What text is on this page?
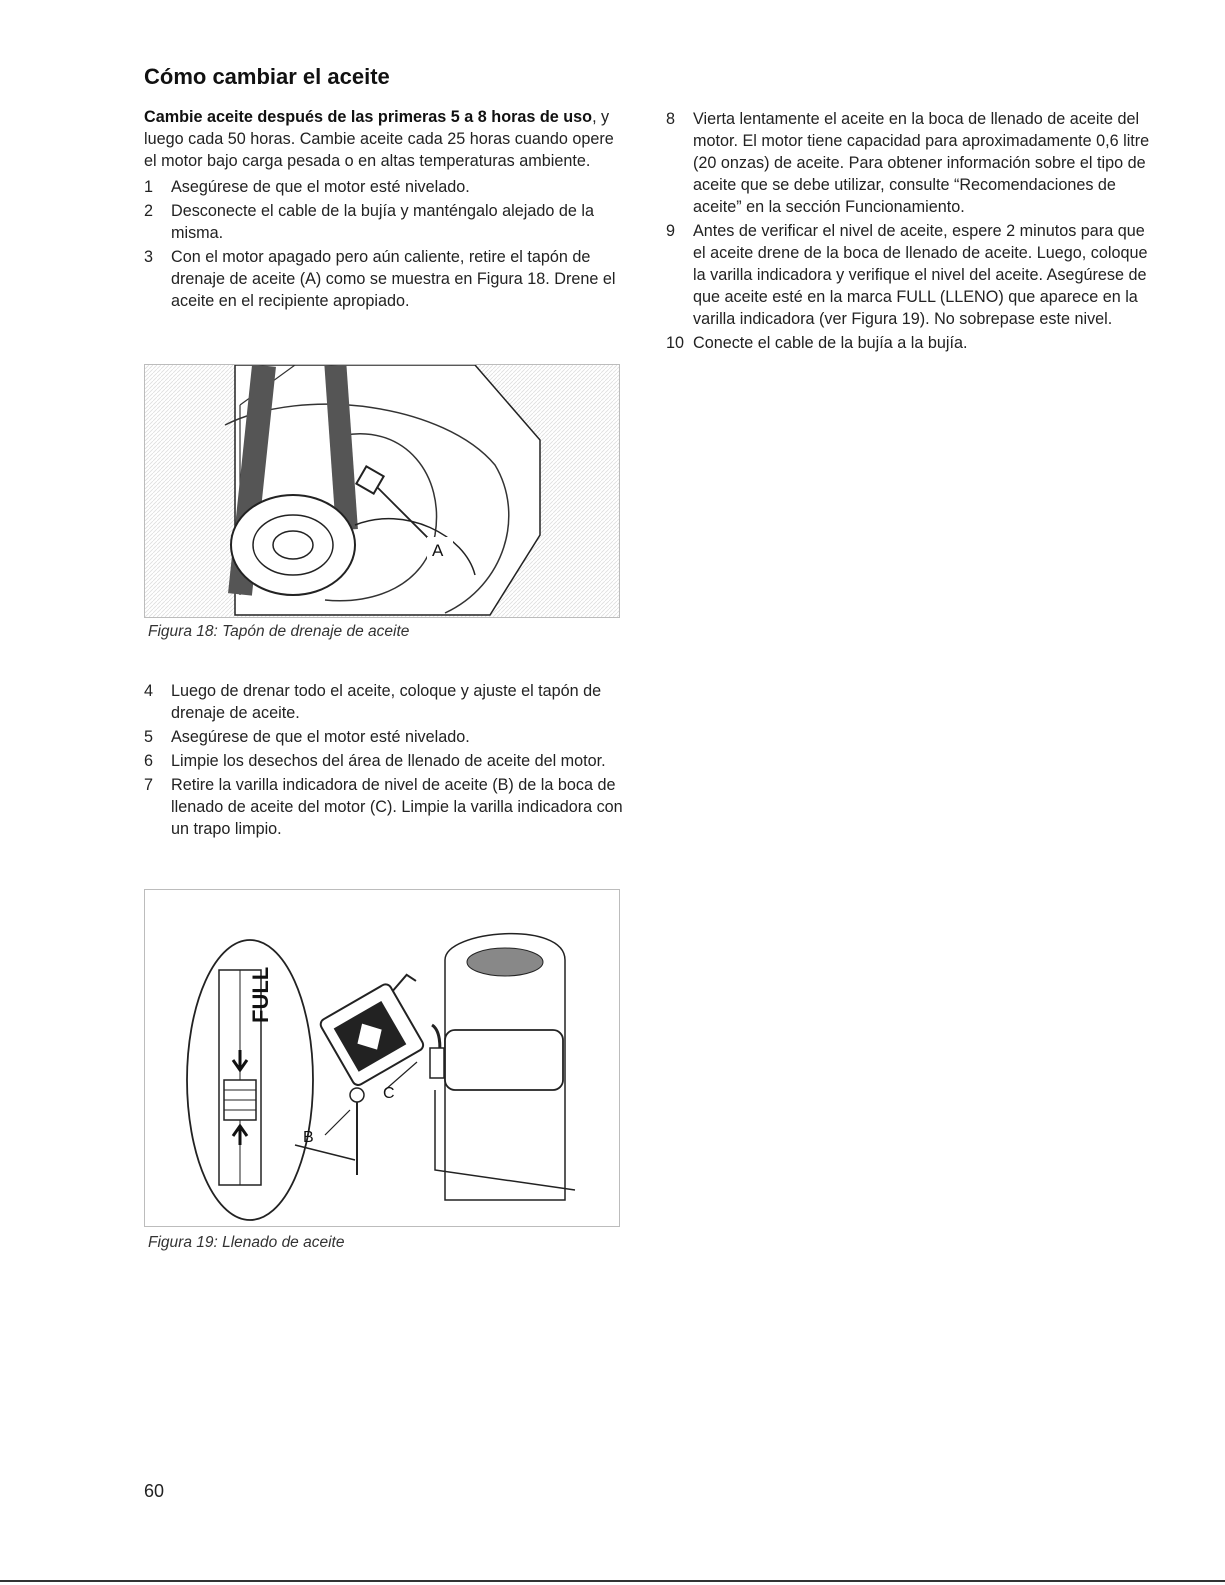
Cómo cambiar el aceite

Cambie aceite después de las primeras 5 a 8 horas de uso, y luego cada 50 horas. Cambie aceite cada 25 horas cuando opere el motor bajo carga pesada o en altas temperaturas ambiente.

1 Asegúrese de que el motor esté nivelado.
2 Desconecte el cable de la bujía y manténgalo alejado de la misma.
3 Con el motor apagado pero aún caliente, retire el tapón de drenaje de aceite (A) como se muestra en Figura 18. Drene el aceite en el recipiente apropiado.
A

Figura 18: Tapón de drenaje de aceite

4 Luego de drenar todo el aceite, coloque y ajuste el tapón de drenaje de aceite.
5 Asegúrese de que el motor esté nivelado.
6 Limpie los desechos del área de llenado de aceite del motor.
7 Retire la varilla indicadora de nivel de aceite (B) de la boca de llenado de aceite del motor (C). Limpie la varilla indicadora con un trapo limpio.
FULL
C
B

Figura 19: Llenado de aceite

8 Vierta lentamente el aceite en la boca de llenado de aceite del motor. El motor tiene capacidad para aproximadamente 0,6 litre (20 onzas) de aceite. Para obtener información sobre el tipo de aceite que se debe utilizar, consulte “Recomendaciones de aceite” en la sección Funcionamiento.
9 Antes de verificar el nivel de aceite, espere 2 minutos para que el aceite drene de la boca de llenado de aceite. Luego, coloque la varilla indicadora y verifique el nivel del aceite. Asegúrese de que aceite esté en la marca FULL (LLENO) que aparece en la varilla indicadora (ver Figura 19). No sobrepase este nivel.
10 Conecte el cable de la bujía a la bujía.

60
